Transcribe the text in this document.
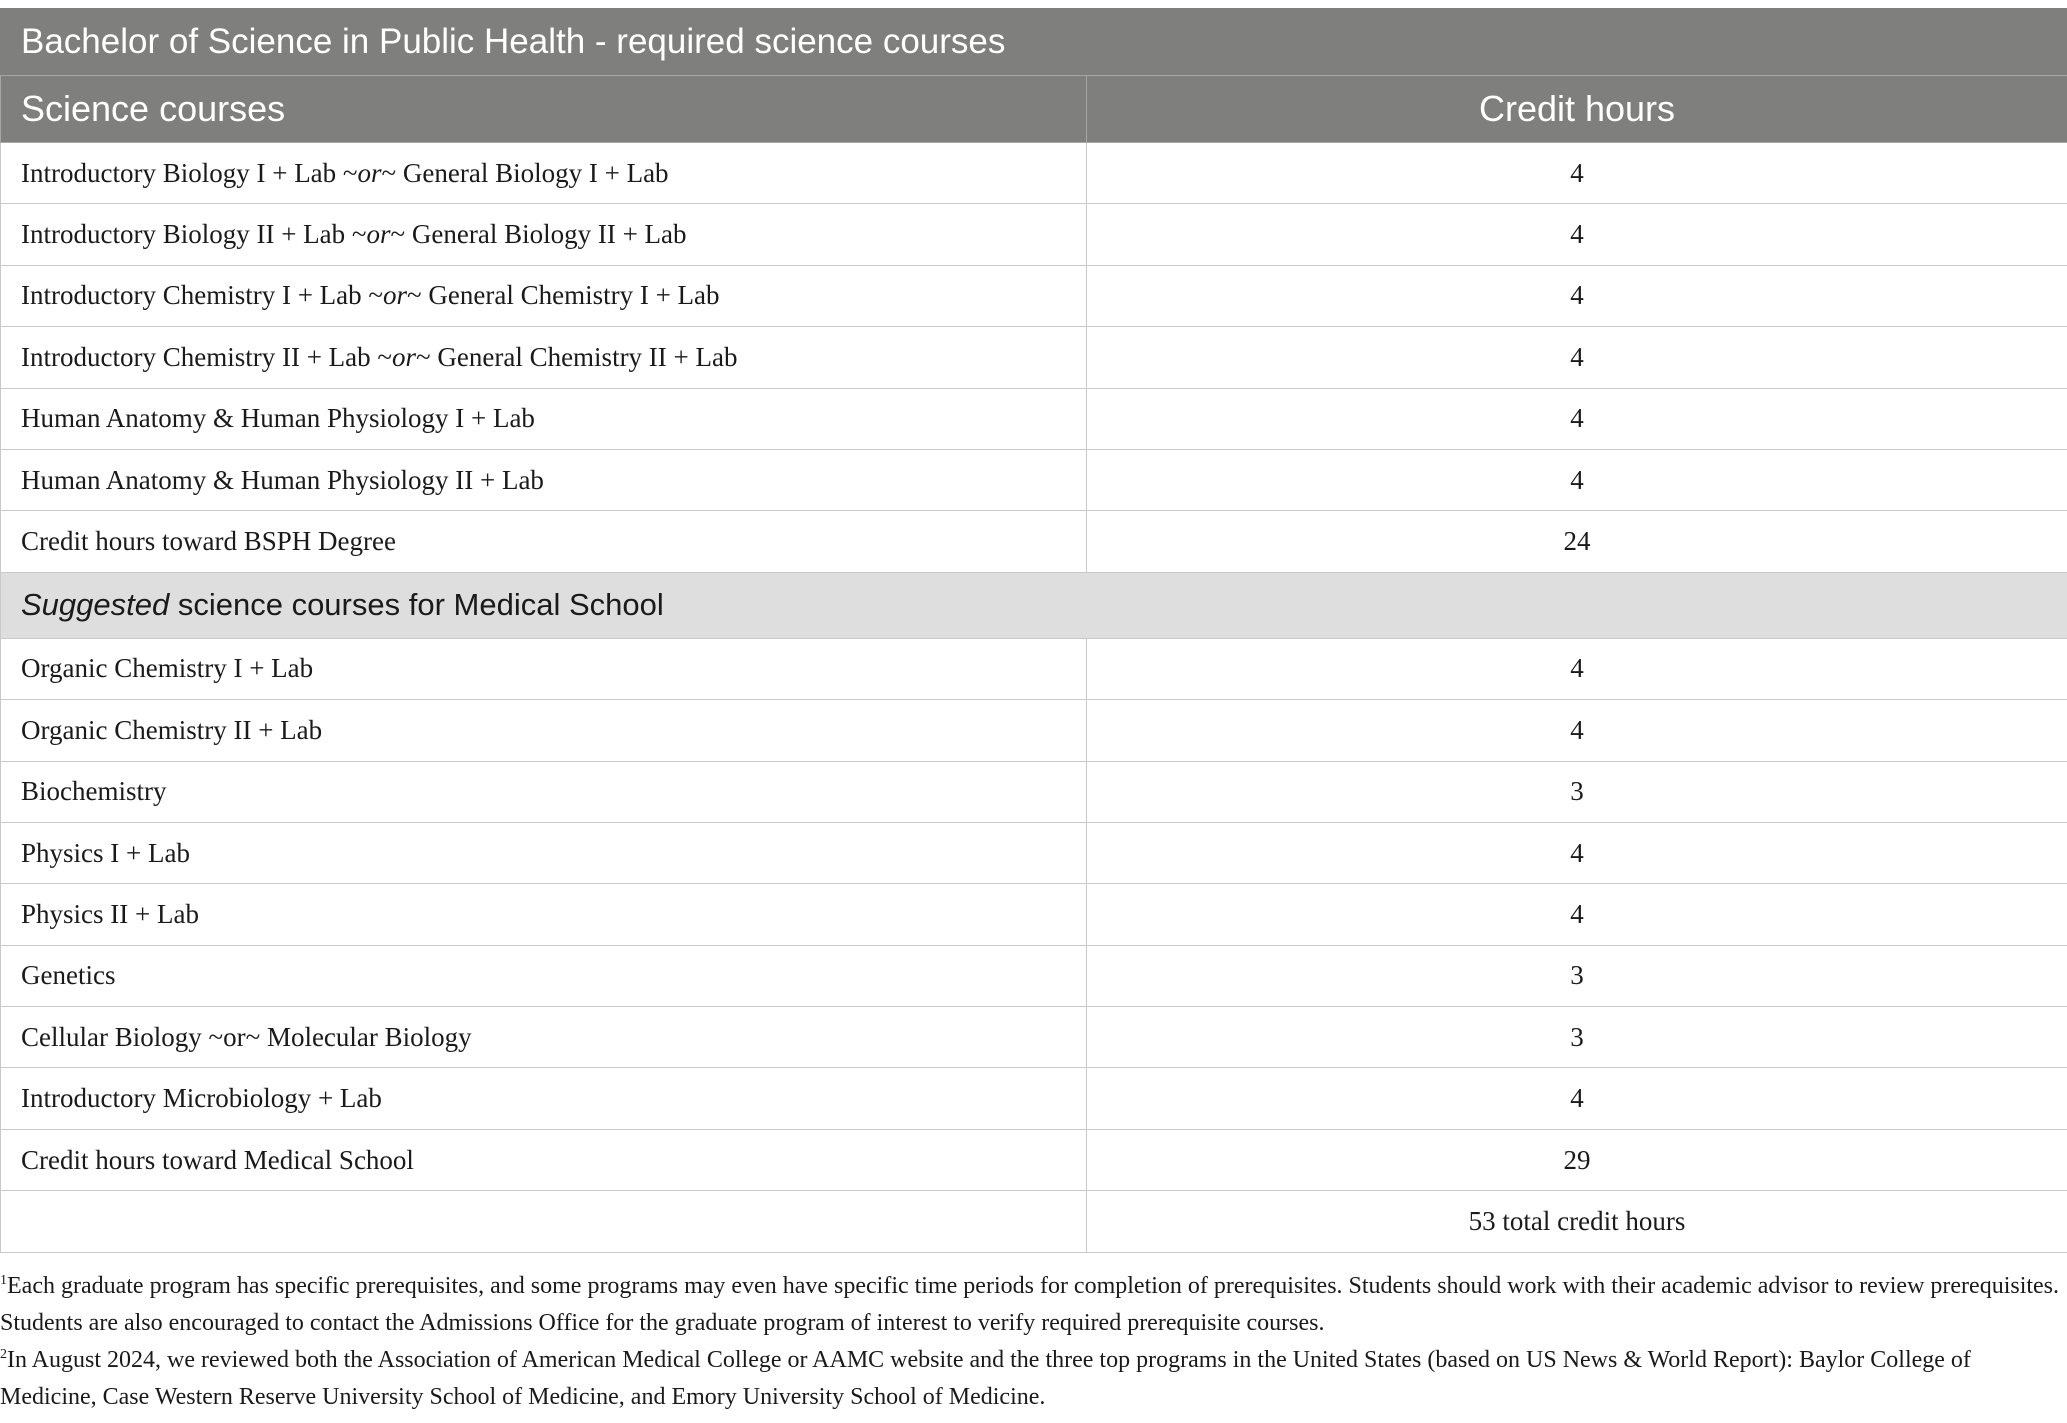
Bachelor of Science in Public Health - required science courses	
Science courses	Credit hours
Introductory Biology I + Lab ~or~ General Biology I + Lab	4
Introductory Biology II + Lab ~or~ General Biology II + Lab	4
Introductory Chemistry I + Lab ~or~ General Chemistry I + Lab	4
Introductory Chemistry II + Lab ~or~ General Chemistry II + Lab	4
Human Anatomy & Human Physiology I + Lab	4
Human Anatomy & Human Physiology II + Lab	4
Credit hours toward BSPH Degree	24
Suggested science courses for Medical School	
Organic Chemistry I + Lab	4
Organic Chemistry II + Lab	4
Biochemistry	3
Physics I + Lab	4
Physics II + Lab	4
Genetics	3
Cellular Biology ~or~ Molecular Biology	3
Introductory Microbiology + Lab	4
Credit hours toward Medical School	29
	53 total credit hours

$^1$Each graduate program has specific prerequisites, and some programs may even have specific time periods for completion of prerequisites. Students should work with their academic advisor to review prerequisites. Students are also encouraged to contact the Admissions Office for the graduate program of interest to verify required prerequisite courses.

$^2$In August 2024, we reviewed both the Association of American Medical College or AAMC website and the three top programs in the United States (based on US News & World Report): Baylor College of Medicine, Case Western Reserve University School of Medicine, and Emory University School of Medicine.
